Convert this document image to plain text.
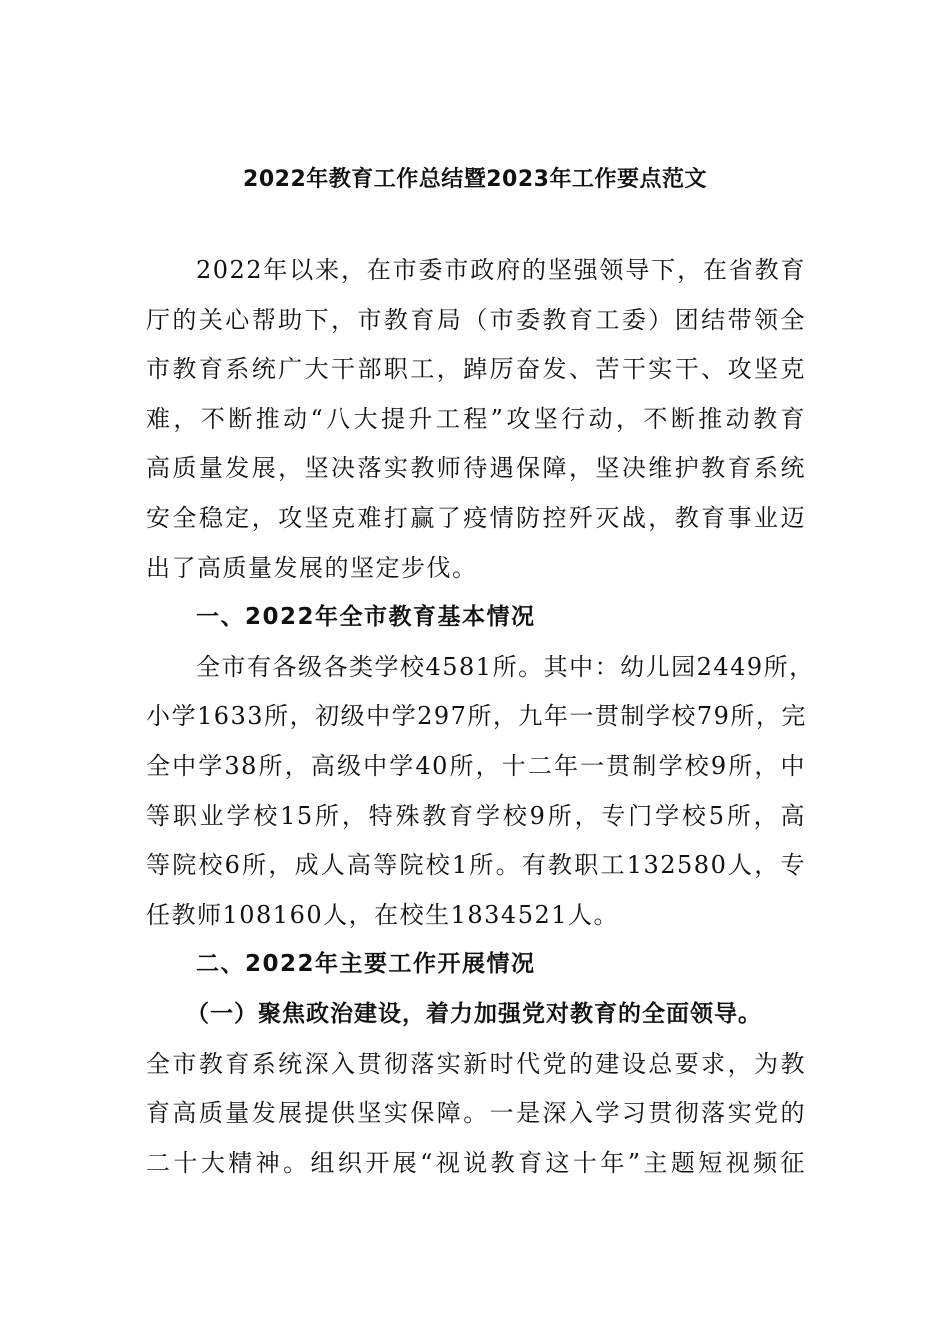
2022年教育工作总结暨2023年工作要点范文
2022年以来，在市委市政府的坚强领导下，在省教育
厅的关心帮助下，市教育局（市委教育工委）团结带领全
市教育系统广大干部职工，踔厉奋发、苦干实干、攻坚克
难，不断推动“八大提升工程”攻坚行动，不断推动教育
高质量发展，坚决落实教师待遇保障，坚决维护教育系统
安全稳定，攻坚克难打赢了疫情防控歼灭战，教育事业迈
出了高质量发展的坚定步伐。
一、2022年全市教育基本情况
全市有各级各类学校4581所。其中：幼儿园2449所，
小学1633所，初级中学297所，九年一贯制学校79所，完
全中学38所，高级中学40所，十二年一贯制学校9所，中
等职业学校15所，特殊教育学校9所，专门学校5所，高
等院校6所，成人高等院校1所。有教职工132580人，专
任教师108160人，在校生1834521人。
二、2022年主要工作开展情况
（一）聚焦政治建设，着力加强党对教育的全面领导。
全市教育系统深入贯彻落实新时代党的建设总要求，为教
育高质量发展提供坚实保障。一是深入学习贯彻落实党的
二十大精神。组织开展“视说教育这十年”主题短视频征
